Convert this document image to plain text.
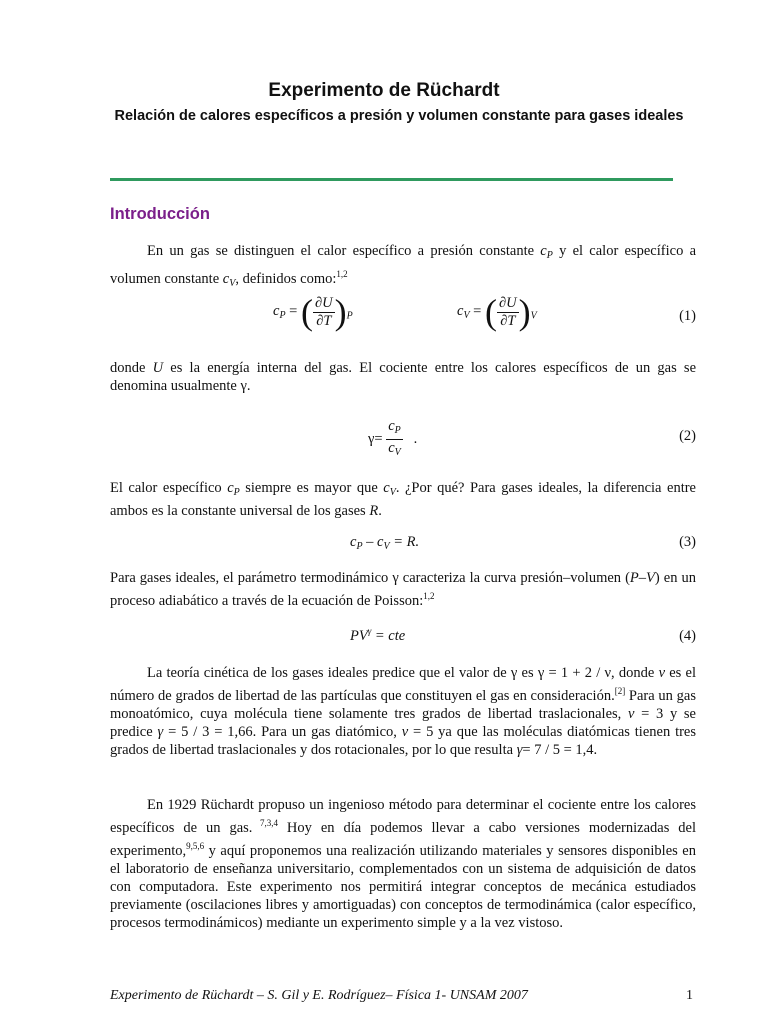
Experimento de Rüchardt
Relación de calores específicos a presión y volumen constante para gases ideales
Introducción
En un gas se distinguen el calor específico a presión constante $c_P$ y el calor específico a volumen constante $c_V$, definidos como:$^{1,2}$
$c_P$ = ( $\frac{\partial U}{\partial T} )_P$	$c_V$ = ( $\frac{\partial U}{\partial T} )_V$	(1)
donde U es la energía interna del gas. El cociente entre los calores específicos de un gas se denomina usualmente γ.
$\gamma= \frac{c_P}{c_V}$ .	(2)
El calor específico $c_P$ siempre es mayor que $c_V$. ¿Por qué? Para gases ideales, la diferencia entre ambos es la constante universal de los gases R.
$c_P - c_V = R$.	(3)
Para gases ideales, el parámetro termodinámico γ caracteriza la curva presión–volumen (P–V) en un proceso adiabático a través de la ecuación de Poisson:$^{1,2}$
$PV^\gamma$ = cte	(4)
La teoría cinética de los gases ideales predice que el valor de γ es γ = 1 + 2 / ν, donde ν es el número de grados de libertad de las partículas que constituyen el gas en consideración.[2] Para un gas monoatómico, cuya molécula tiene solamente tres grados de libertad traslacionales, ν = 3 y se predice γ = 5 / 3 = 1,66. Para un gas diatómico, ν = 5 ya que las moléculas diatómicas tienen tres grados de libertad traslacionales y dos rotacionales, por lo que resulta γ= 7 / 5 = 1,4.
En 1929 Rüchardt propuso un ingenioso método para determinar el cociente entre los calores específicos de un gas. $^{7,3,4}$ Hoy en día podemos llevar a cabo versiones modernizadas del experimento,$^{9,5,6}$ y aquí proponemos una realización utilizando materiales y sensores disponibles en el laboratorio de enseñanza universitario, complementados con un sistema de adquisición de datos con computadora. Este experimento nos permitirá integrar conceptos de mecánica estudiados previamente (oscilaciones libres y amortiguadas) con conceptos de termodinámica (calor específico, procesos termodinámicos) mediante un experimento simple y a la vez vistoso.
Experimento de Rüchardt – S. Gil y E. Rodríguez– Física 1- UNSAM 2007	1
